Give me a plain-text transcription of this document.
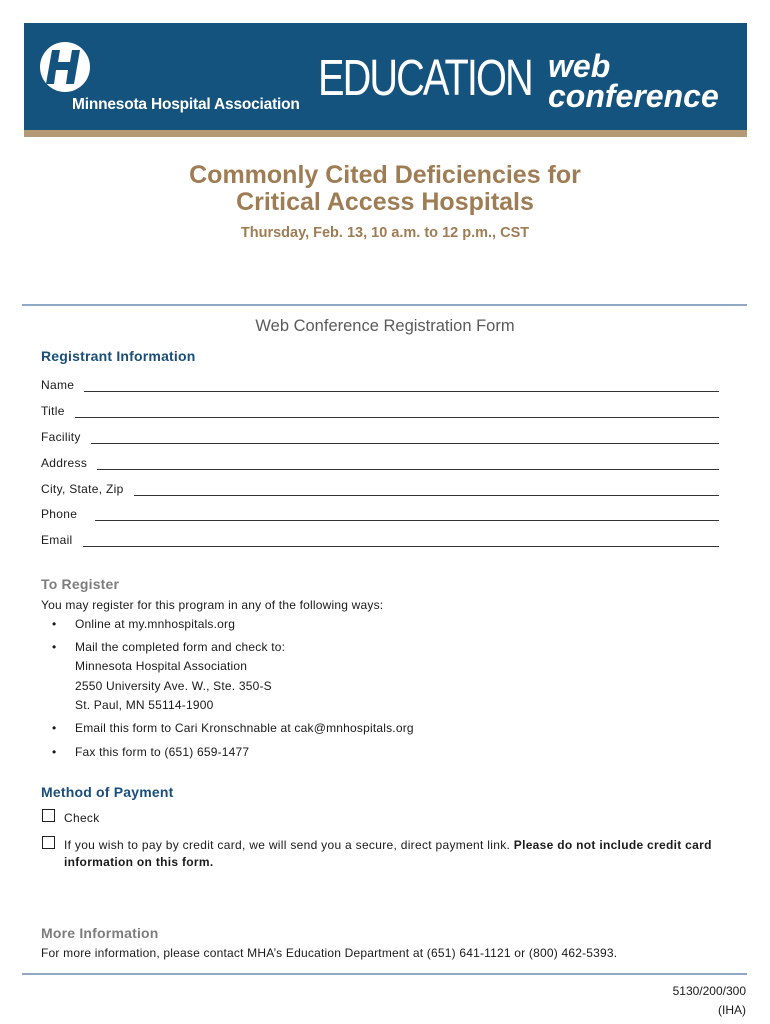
Minnesota Hospital Association EDUCATION web
conference
Commonly Cited Deficiencies for
Critical Access Hospitals
Thursday, Feb. 13, 10 a.m. to 12 p.m., CST
Web Conference Registration Form
Registrant Information
Name
Title
Facility
Address
City, State, Zip
Phone
Email
To Register
You may register for this program in any of the following ways:
• Online at my.mnhospitals.org
• Mail the completed form and check to:
Minnesota Hospital Association
2550 University Ave. W., Ste. 350-S
St. Paul, MN 55114-1900
• Email this form to Cari Kronschnable at cak@mnhospitals.org
• Fax this form to (651) 659-1477
Method of Payment
Check
If you wish to pay by credit card, we will send you a secure, direct payment link. Please do not include credit card
information on this form.
More Information
For more information, please contact MHA’s Education Department at (651) 641-1121 or (800) 462-5393.
5130/200/300
(IHA)
